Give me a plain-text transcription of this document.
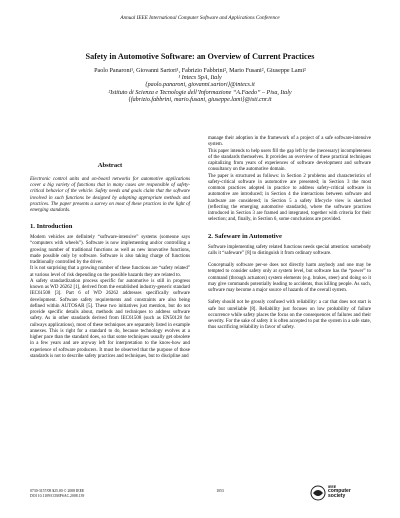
Annual IEEE International Computer Software and Applications Conference
Safety in Automotive Software: an Overview of Current Practices
Paolo Panaroni¹, Giovanni Sartori¹, Fabrizio Fabbrini², Mario Fusani², Giuseppe Lami²
¹ Intecs SpA, Italy
{paolo.panaroni, giovanni.sartori}@intecs.it
²Istituto di Scienza e Tecnologie dell’Informazione “A.Faedo” – Pisa, Italy
{fabrizio.fabbrini, mario.fusani, giuseppe.lami}@isti.cnr.it
Abstract

Electronic control units and on-board networks for automotive applications cover a big variety of functions that in many cases are responsible of safety-critical behavior of the vehicle. Safety needs and goals claim that the software involved in such functions be designed by adopting appropriate methods and practices. The paper presents a survey on most of these practices in the light of emerging standards.

1. Introduction

Modern vehicles are definitely “software-intensive” systems (someone says “computers with wheels”). Software is now implementing and/or controlling a growing number of traditional functions as well as new innovative functions, made possible only by software. Software is also taking charge of functions traditionally controlled by the driver.

It is not surprising that a growing number of these functions are “safety related” at various level of risk depending on the possible hazards they are related to.

A safety standardization process specific for automotive is still in progress known as WD 26262 [1], derived from the established industry-generic standard IEC61508 [3]. Part 6 of WD 26262 addresses specifically software development. Software safety requirements and constraints are also being defined within AUTOSAR [5]. These two initiatives just mention, but do not provide specific details about, methods and techniques to address software safety. As in other standards derived from IEC61508 (such as EN50128 for railways applications), most of these techniques are separately listed in example annexes. This is right for a standard to do, because technology evolves at a higher pace than the standard does, so that some techniques usually get obsolete in a few years and are anyway left for interpretation to the know-how and experience of software producers. It must be observed that the purpose of those standards is not to describe safety practices and techniques, but to discipline and

manage their adoption in the framework of a project of a safe software-intensive system.

This paper intends to help users fill the gap left by the (necessary) incompleteness of the standards themselves. It provides an overview of these practical techniques capitalizing from years of experiences of software development and software consultancy on the automotive domain.

The paper is structured as follows: in Section 2 problems and characteristics of safety-critical software in automotive are presented; in Section 3 the most common practices adopted in practice to address safety-critical software in automotive are introduced; in Section 4 the interactions between software and hardware are considered; in Section 5 a safety lifecycle view is sketched (reflecting the emerging automotive standards), where the software practices introduced in Section 3 are framed and integrated, together with criteria for their selection; and, finally, in Section 6, some conclusions are provided.

2. Safeware in Automotive

Software implementing safety related functions needs special attention: somebody calls it “safeware” [8] to distinguish it from ordinary software.

Conceptually software per-se does not directly harm anybody and one may be tempted to consider safety only at system level, but software has the “power” to command (through actuators) system elements (e.g. brakes, steer) and doing so it may give commands potentially leading to accidents, thus killing people. As such, software may become a major source of hazards of the overall system.

Safety should not be grossly confused with reliability: a car that does not start is safe but unreliable [8]. Reliability just focuses on low probability of failure occurrence while safety places the focus on the consequences of failures and their severity. For the sake of safety it is often accepted to put the system in a safe state, thus sacrificing reliability in favor of safety.

0730-3157/08 $25.00 © 2008 IEEE
DOI 10.1109/COMPSAC.2008.139
1053
IEEE
computer
society
